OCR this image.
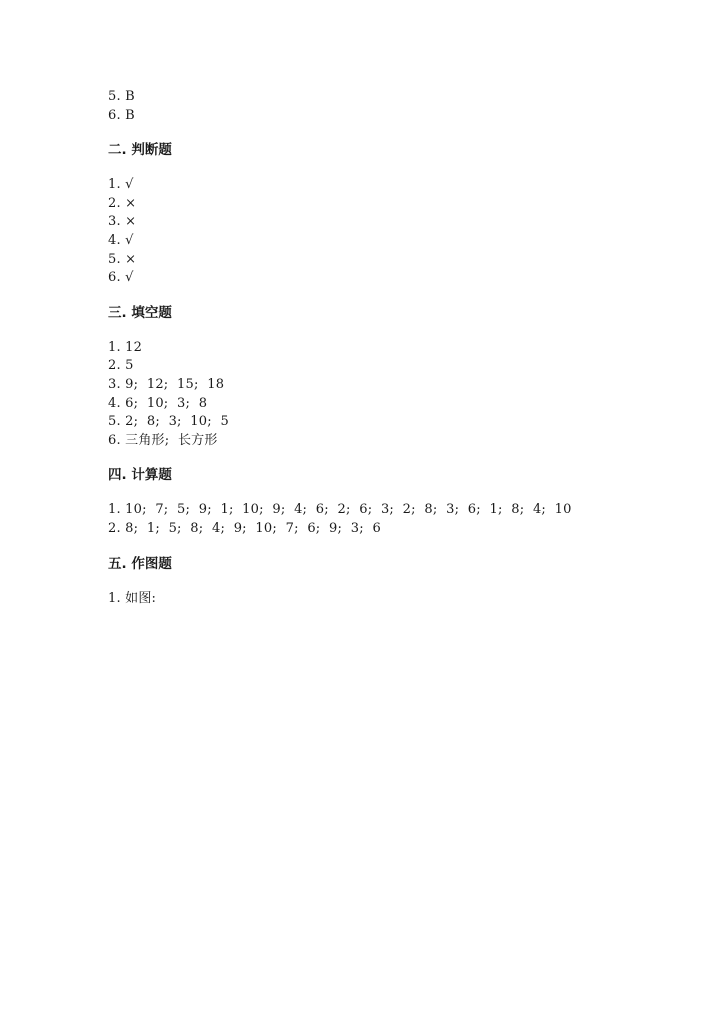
5. B
6. B
二. 判断题
1. √
2. ×
3. ×
4. √
5. ×
6. √
三. 填空题
1. 12
2. 5
3. 9;  12;  15;  18
4. 6;  10;  3;  8
5. 2;  8;  3;  10;  5
6. 三角形;  长方形
四. 计算题
1. 10;  7;  5;  9;  1;  10;  9;  4;  6;  2;  6;  3;  2;  8;  3;  6;  1;  8;  4;  10
2. 8;  1;  5;  8;  4;  9;  10;  7;  6;  9;  3;  6
五. 作图题
1. 如图:
